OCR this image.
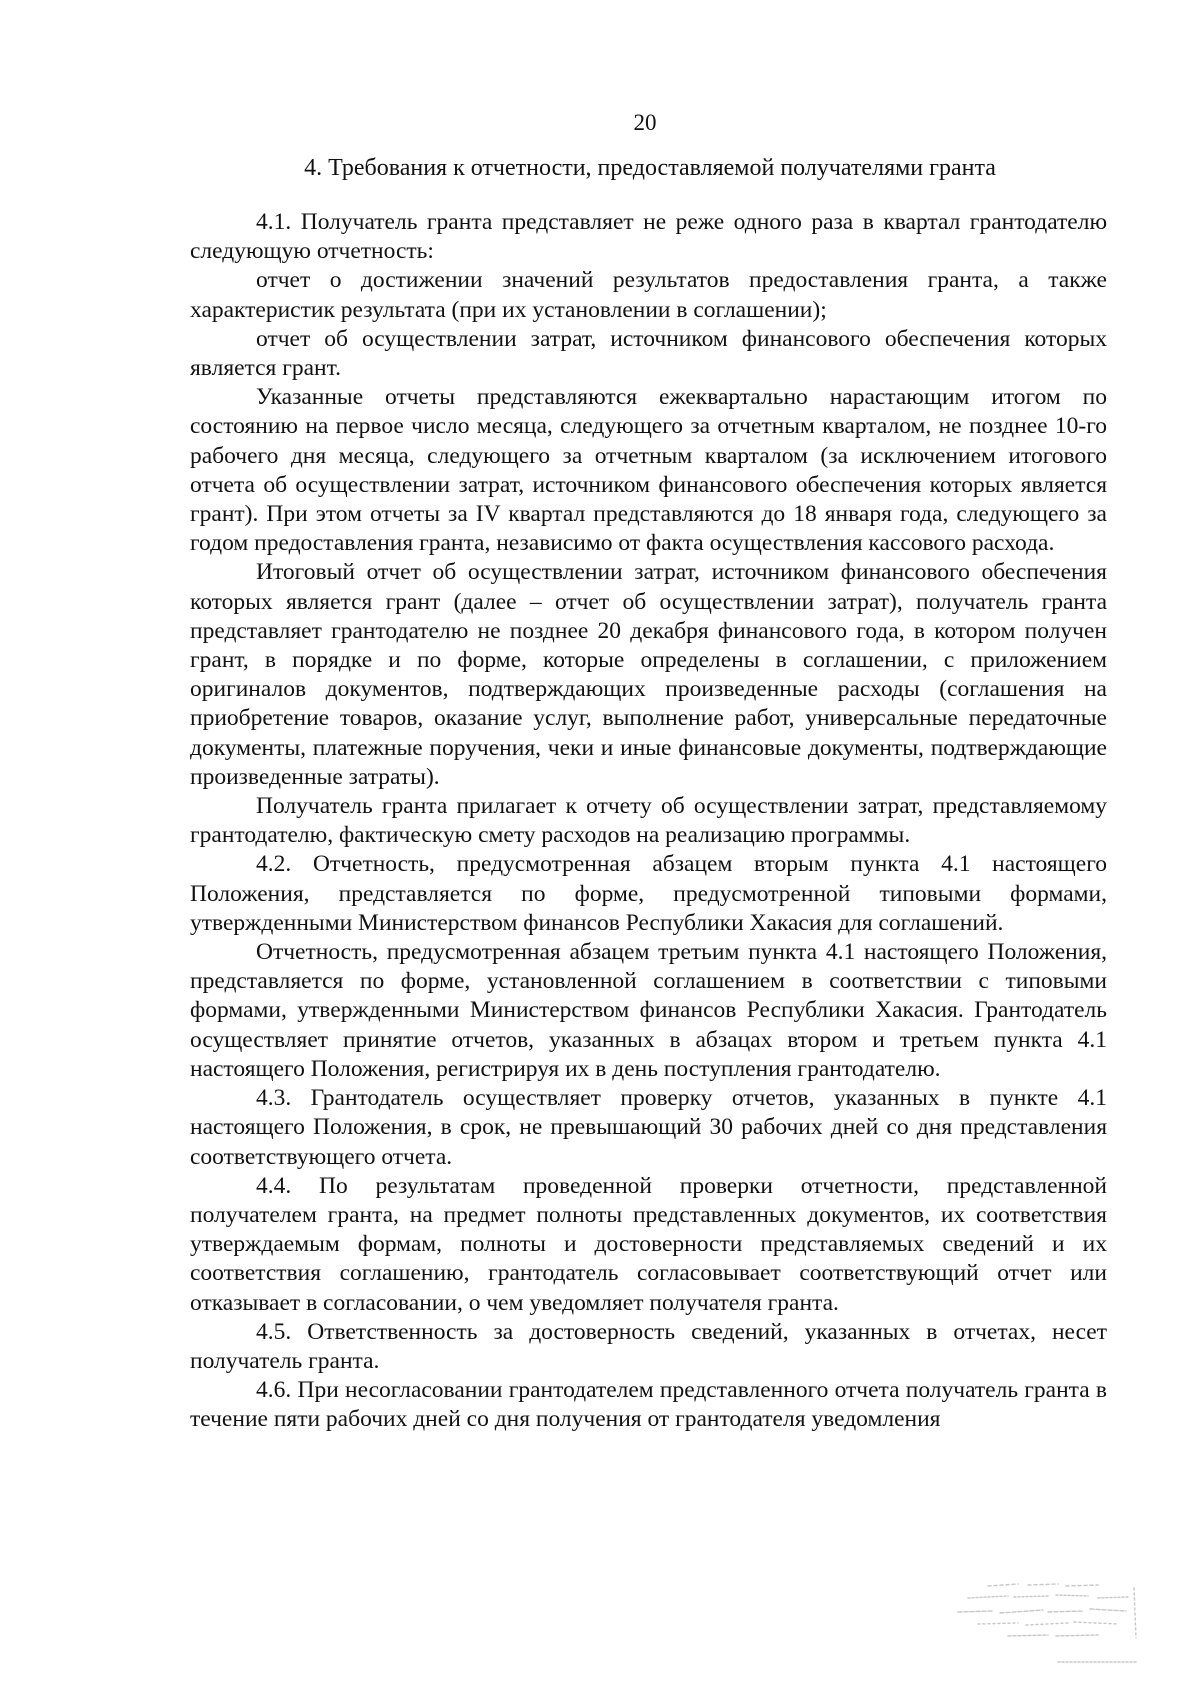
20
4. Требования к отчетности, предоставляемой получателями гранта

4.1. Получатель гранта представляет не реже одного раза в квартал грантодателю следующую отчетность:

отчет о достижении значений результатов предоставления гранта, а также характеристик результата (при их установлении в соглашении);

отчет об осуществлении затрат, источником финансового обеспечения которых является грант.

Указанные отчеты представляются ежеквартально нарастающим итогом по состоянию на первое число месяца, следующего за отчетным кварталом, не позднее 10-го рабочего дня месяца, следующего за отчетным кварталом (за исключением итогового отчета об осуществлении затрат, источником финансового обеспечения которых является грант). При этом отчеты за IV квартал представляются до 18 января года, следующего за годом предоставления гранта, независимо от факта осуществления кассового расхода.

Итоговый отчет об осуществлении затрат, источником финансового обеспечения которых является грант (далее – отчет об осуществлении затрат), получатель гранта представляет грантодателю не позднее 20 декабря финансового года, в котором получен грант, в порядке и по форме, которые определены в соглашении, с приложением оригиналов документов, подтверждающих произведенные расходы (соглашения на приобретение товаров, оказание услуг, выполнение работ, универсальные передаточные документы, платежные поручения, чеки и иные финансовые документы, подтверждающие произведенные затраты).

Получатель гранта прилагает к отчету об осуществлении затрат, представляемому грантодателю, фактическую смету расходов на реализацию программы.

4.2. Отчетность, предусмотренная абзацем вторым пункта 4.1 настоящего Положения, представляется по форме, предусмотренной типовыми формами, утвержденными Министерством финансов Республики Хакасия для соглашений.

Отчетность, предусмотренная абзацем третьим пункта 4.1 настоящего Положения, представляется по форме, установленной соглашением в соответствии с типовыми формами, утвержденными Министерством финансов Республики Хакасия. Грантодатель осуществляет принятие отчетов, указанных в абзацах втором и третьем пункта 4.1 настоящего Положения, регистрируя их в день поступления грантодателю.

4.3. Грантодатель осуществляет проверку отчетов, указанных в пункте 4.1 настоящего Положения, в срок, не превышающий 30 рабочих дней со дня представления соответствующего отчета.

4.4. По результатам проведенной проверки отчетности, представленной получателем гранта, на предмет полноты представленных документов, их соответствия утверждаемым формам, полноты и достоверности представляемых сведений и их соответствия соглашению, грантодатель согласовывает соответствующий отчет или отказывает в согласовании, о чем уведомляет получателя гранта.

4.5. Ответственность за достоверность сведений, указанных в отчетах, несет получатель гранта.

4.6. При несогласовании грантодателем представленного отчета получатель гранта в течение пяти рабочих дней со дня получения от грантодателя уведомления
